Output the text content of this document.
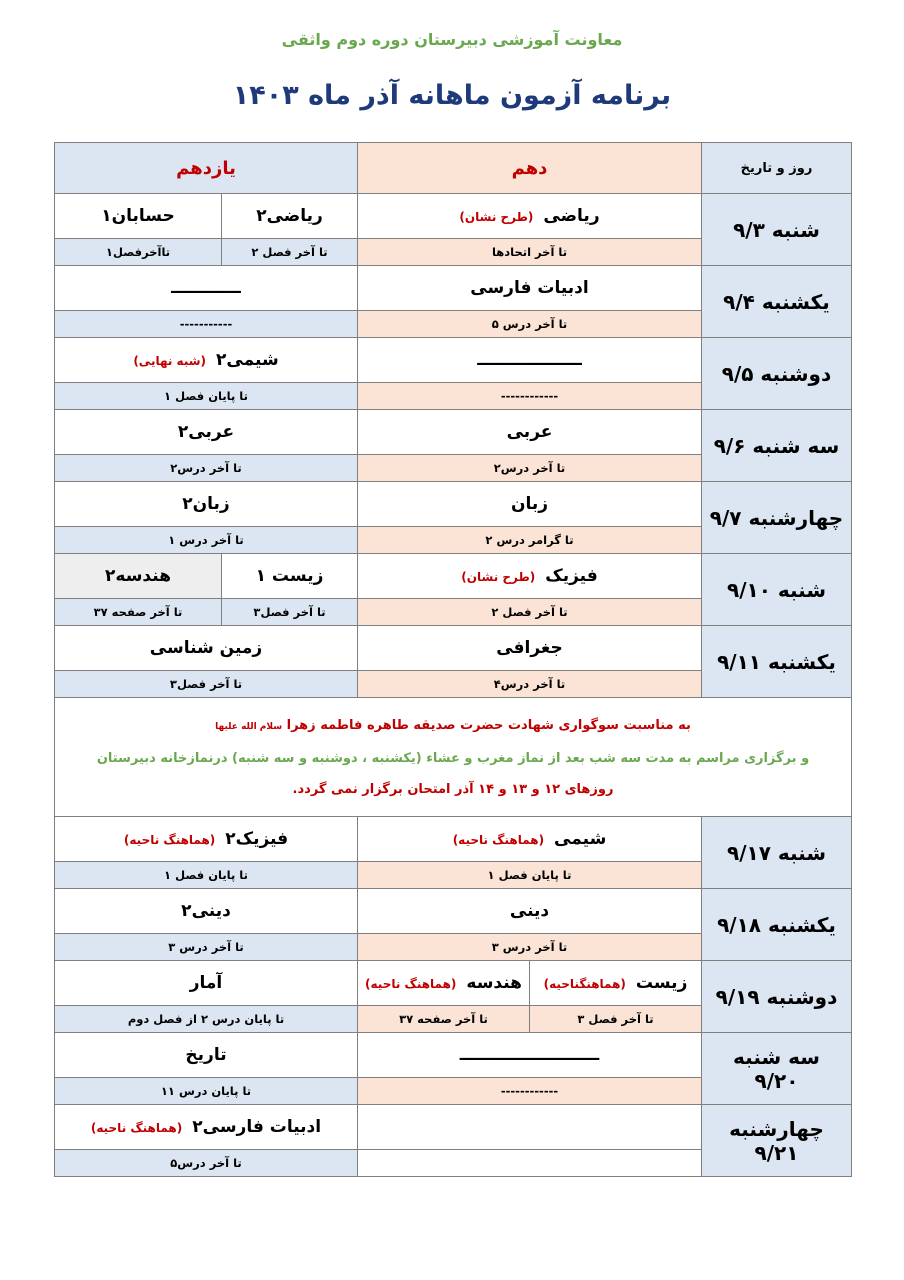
معاونت آموزشی دبیرستان دوره دوم واثقی
برنامه آزمون ماهانه آذر ماه ۱۴۰۳
روز و تاریخ	دهم		یازدهم	
شنبه ۹/۳	ریاضی(طرح نشان)		ریاضی۲	حسابان۱
	تا آخر اتحادها		تا آخر فصل ۲	تاآخرفصل۱
یکشنبه ۹/۴	ادبیات فارسی		ــــــــــــ	
	تا آخر درس ۵		-----------	
دوشنبه ۹/۵	ــــــــــــــــــ		شیمی۲(شبه نهایی)	
	------------		تا پایان فصل ۱	
سه شنبه ۹/۶	عربی		عربی۲	
	تا آخر درس۲		تا آخر درس۲	
چهارشنبه ۹/۷	زبان		زبان۲	
	تا گرامر درس ۲		تا آخر درس ۱	
شنبه ۹/۱۰	فیزیک(طرح نشان)		زیست ۱	هندسه۲
	تا آخر فصل ۲		تا آخر فصل۳	تا آخر صفحه ۳۷
یکشنبه ۹/۱۱	جغرافی		زمین شناسی	
	تا آخر درس۴		تا آخر فصل۳	

به مناسبت سوگواری شهادت حضرت صدیقه طاهره فاطمه زهرا سلام الله علیها
و برگزاری مراسم به مدت سه شب بعد از نماز مغرب و عشاء (یکشنبه ، دوشنبه و سه شنبه) درنمازخانه دبیرستان
روزهای ۱۲ و ۱۳ و ۱۴ آذر امتحان برگزار نمی گردد.				

شنبه ۹/۱۷	شیمی(هماهنگ ناحیه)		فیزیک۲(هماهنگ ناحیه)	
	تا پایان فصل ۱		تا پایان فصل ۱	
یکشنبه ۹/۱۸	دینی		دینی۲	
	تا آخر درس ۳		تا آخر درس ۳	
دوشنبه ۹/۱۹	زیست(هماهنگناحیه)	هندسه(هماهنگ ناحیه)	آمار	
	تا آخر فصل ۳	تا آخر صفحه ۳۷	تا پایان درس ۲ از فصل دوم	
سه شنبه ۹/۲۰	ــــــــــــــــــــــــ		تاریخ	
	------------		تا پایان درس ۱۱	
چهارشنبه ۹/۲۱			ادبیات فارسی۲(هماهنگ ناحیه)	
			تا آخر درس۵	
